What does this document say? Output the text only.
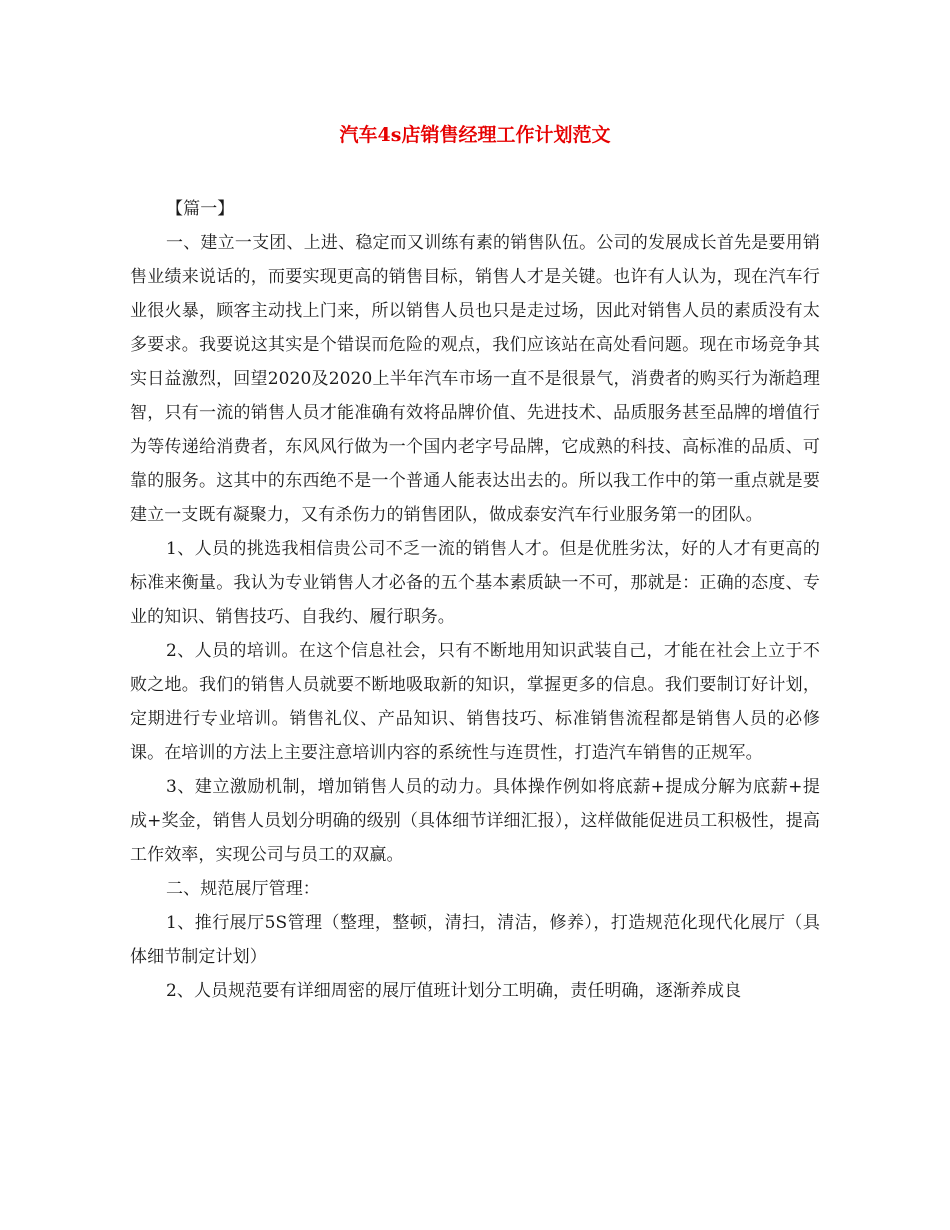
汽车4s店销售经理工作计划范文

【篇一】

一、建立一支团、上进、稳定而又训练有素的销售队伍。公司的发展成长首先是要用销售业绩来说话的，而要实现更高的销售目标，销售人才是关键。也许有人认为，现在汽车行业很火暴，顾客主动找上门来，所以销售人员也只是走过场，因此对销售人员的素质没有太多要求。我要说这其实是个错误而危险的观点，我们应该站在高处看问题。现在市场竞争其实日益激烈，回望2020及2020上半年汽车市场一直不是很景气，消费者的购买行为渐趋理智，只有一流的销售人员才能准确有效将品牌价值、先进技术、品质服务甚至品牌的增值行为等传递给消费者，东风风行做为一个国内老字号品牌，它成熟的科技、高标准的品质、可靠的服务。这其中的东西绝不是一个普通人能表达出去的。所以我工作中的第一重点就是要建立一支既有凝聚力，又有杀伤力的销售团队，做成泰安汽车行业服务第一的团队。

1、人员的挑选我相信贵公司不乏一流的销售人才。但是优胜劣汰，好的人才有更高的标准来衡量。我认为专业销售人才必备的五个基本素质缺一不可，那就是：正确的态度、专业的知识、销售技巧、自我约、履行职务。

2、人员的培训。在这个信息社会，只有不断地用知识武装自己，才能在社会上立于不败之地。我们的销售人员就要不断地吸取新的知识，掌握更多的信息。我们要制订好计划，定期进行专业培训。销售礼仪、产品知识、销售技巧、标准销售流程都是销售人员的必修课。在培训的方法上主要注意培训内容的系统性与连贯性，打造汽车销售的正规军。

3、建立激励机制，增加销售人员的动力。具体操作例如将底薪+提成分解为底薪+提成+奖金，销售人员划分明确的级别（具体细节详细汇报），这样做能促进员工积极性，提高工作效率，实现公司与员工的双赢。

二、规范展厅管理：

1、推行展厅5S管理（整理，整顿，清扫，清洁，修养），打造规范化现代化展厅（具体细节制定计划）

2、人员规范要有详细周密的展厅值班计划分工明确，责任明确，逐渐养成良
